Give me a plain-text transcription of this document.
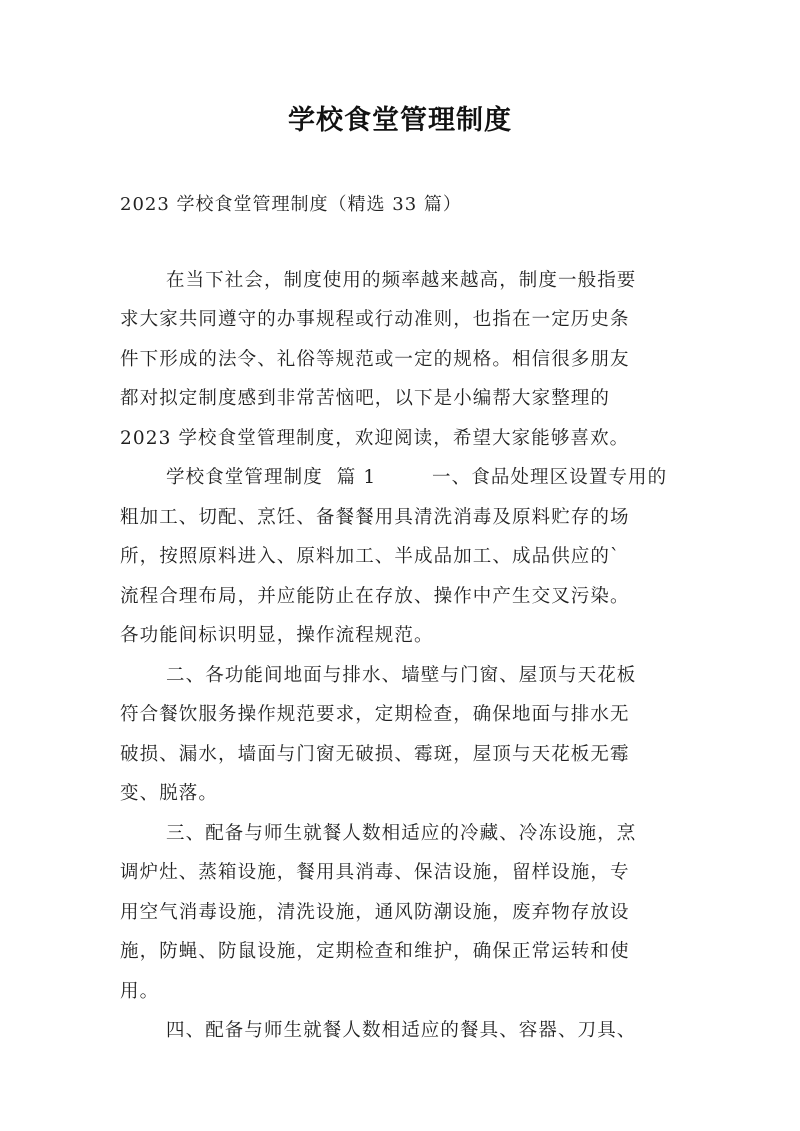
学校食堂管理制度
2023 学校食堂管理制度（精选 33 篇）
在当下社会，制度使用的频率越来越高，制度一般指要
求大家共同遵守的办事规程或行动准则，也指在一定历史条
件下形成的法令、礼俗等规范或一定的规格。相信很多朋友
都对拟定制度感到非常苦恼吧，以下是小编帮大家整理的
2023 学校食堂管理制度，欢迎阅读，希望大家能够喜欢。
学校食堂管理制度  篇 1        一、食品处理区设置专用的
粗加工、切配、烹饪、备餐餐用具清洗消毒及原料贮存的场
所，按照原料进入、原料加工、半成品加工、成品供应的`
流程合理布局，并应能防止在存放、操作中产生交叉污染。
各功能间标识明显，操作流程规范。
二、各功能间地面与排水、墙壁与门窗、屋顶与天花板
符合餐饮服务操作规范要求，定期检查，确保地面与排水无
破损、漏水，墙面与门窗无破损、霉斑，屋顶与天花板无霉
变、脱落。
三、配备与师生就餐人数相适应的冷藏、冷冻设施，烹
调炉灶、蒸箱设施，餐用具消毒、保洁设施，留样设施，专
用空气消毒设施，清洗设施，通风防潮设施，废弃物存放设
施，防蝇、防鼠设施，定期检查和维护，确保正常运转和使
用。
四、配备与师生就餐人数相适应的餐具、容器、刀具、
